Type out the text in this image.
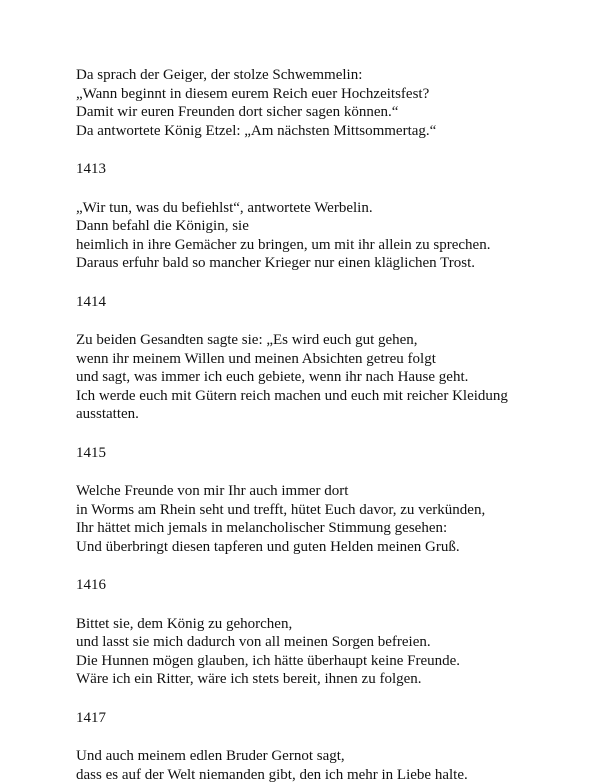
Da sprach der Geiger, der stolze Schwemmelin:
„Wann beginnt in diesem eurem Reich euer Hochzeitsfest?
Damit wir euren Freunden dort sicher sagen können.“
Da antwortete König Etzel: „Am nächsten Mittsommertag.“
1413
„Wir tun, was du befiehlst“, antwortete Werbelin.
Dann befahl die Königin, sie
heimlich in ihre Gemächer zu bringen, um mit ihr allein zu sprechen.
Daraus erfuhr bald so mancher Krieger nur einen kläglichen Trost.
1414
Zu beiden Gesandten sagte sie: „Es wird euch gut gehen,
wenn ihr meinem Willen und meinen Absichten getreu folgt
und sagt, was immer ich euch gebiete, wenn ihr nach Hause geht.
Ich werde euch mit Gütern reich machen und euch mit reicher Kleidung
ausstatten.
1415
Welche Freunde von mir Ihr auch immer dort
in Worms am Rhein seht und trefft, hütet Euch davor, zu verkünden,
Ihr hättet mich jemals in melancholischer Stimmung gesehen:
Und überbringt diesen tapferen und guten Helden meinen Gruß.
1416
Bittet sie, dem König zu gehorchen,
und lasst sie mich dadurch von all meinen Sorgen befreien.
Die Hunnen mögen glauben, ich hätte überhaupt keine Freunde.
Wäre ich ein Ritter, wäre ich stets bereit, ihnen zu folgen.
1417
Und auch meinem edlen Bruder Gernot sagt,
dass es auf der Welt niemanden gibt, den ich mehr in Liebe halte.
